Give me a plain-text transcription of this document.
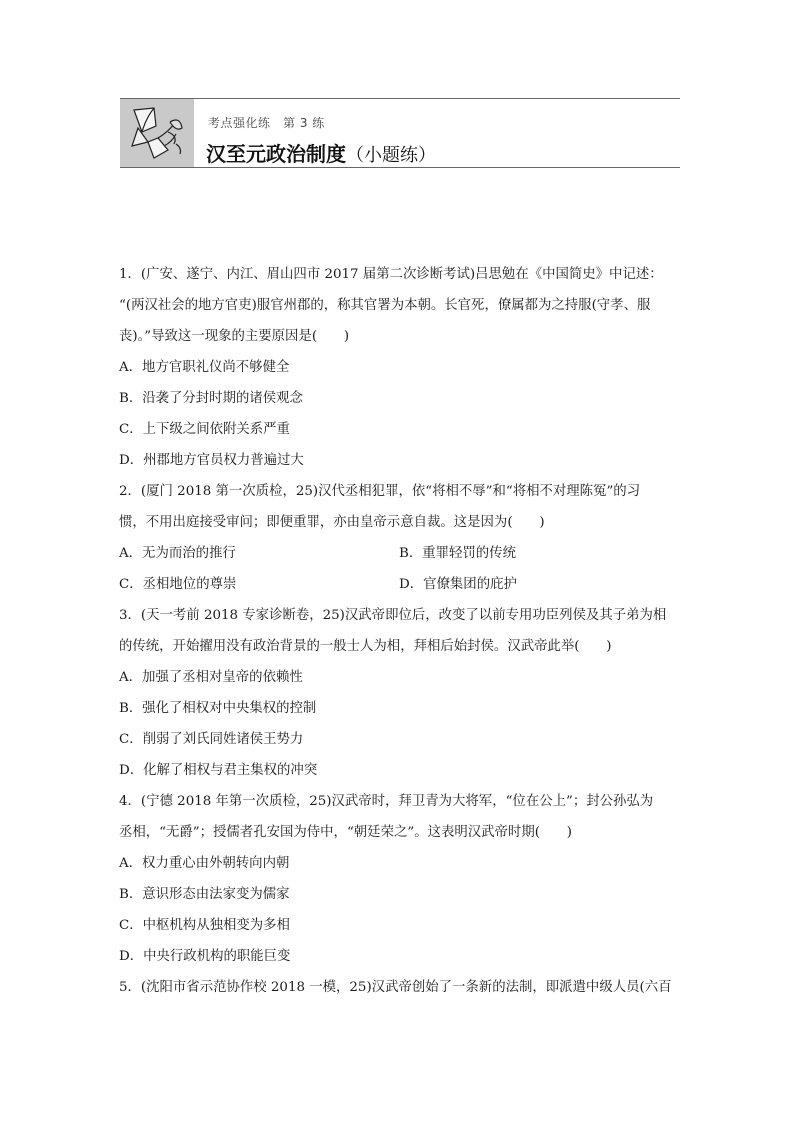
考点强化练　第 3 练
汉至元政治制度（小题练）
1．(广安、遂宁、内江、眉山四市 2017 届第二次诊断考试)吕思勉在《中国简史》中记述：
“(两汉社会的地方官吏)服官州郡的，称其官署为本朝。长官死，僚属都为之持服(守孝、服
丧)。”导致这一现象的主要原因是(　　)
A．地方官职礼仪尚不够健全
B．沿袭了分封时期的诸侯观念
C．上下级之间依附关系严重
D．州郡地方官员权力普遍过大
2．(厦门 2018 第一次质检，25)汉代丞相犯罪，依“将相不辱”和“将相不对理陈冤”的习
惯，不用出庭接受审问；即便重罪，亦由皇帝示意自裁。这是因为(　　)
A．无为而治的推行	B．重罪轻罚的传统
C．丞相地位的尊崇	D．官僚集团的庇护
3．(天一考前 2018 专家诊断卷，25)汉武帝即位后，改变了以前专用功臣列侯及其子弟为相
的传统，开始擢用没有政治背景的一般士人为相，拜相后始封侯。汉武帝此举(　　)
A．加强了丞相对皇帝的依赖性
B．强化了相权对中央集权的控制
C．削弱了刘氏同姓诸侯王势力
D．化解了相权与君主集权的冲突
4．(宁德 2018 年第一次质检，25)汉武帝时，拜卫青为大将军，“位在公上”；封公孙弘为
丞相，“无爵”；授儒者孔安国为侍中，“朝廷荣之”。这表明汉武帝时期(　　)
A．权力重心由外朝转向内朝
B．意识形态由法家变为儒家
C．中枢机构从独相变为多相
D．中央行政机构的职能巨变
5．(沈阳市省示范协作校 2018 一模，25)汉武帝创始了一条新的法制，即派遣中级人员(六百
